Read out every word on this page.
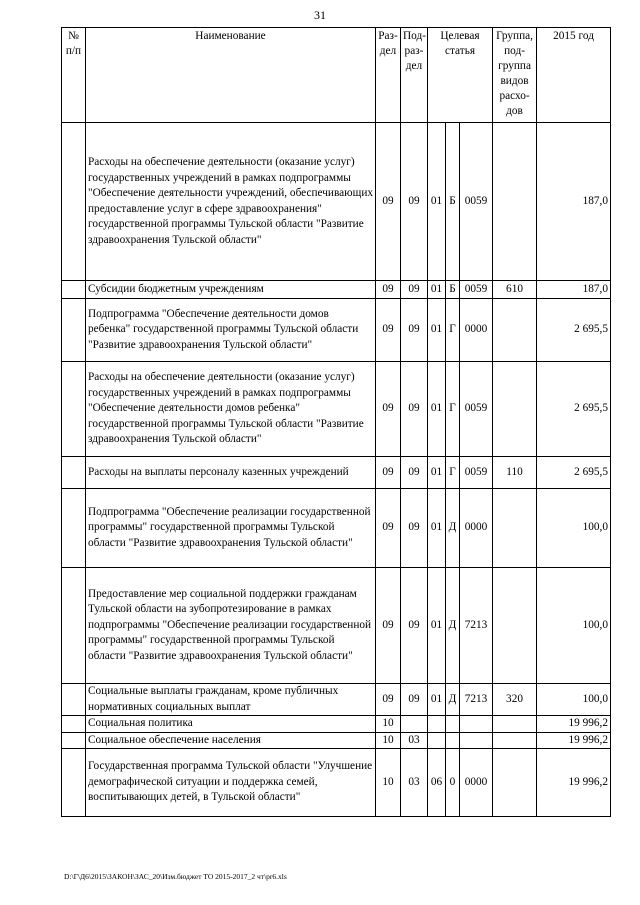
31
№ п/п	Наименование	Раз-дел	Под-раз-дел	Целевая статья			Группа, под-группа видов расхо-дов	2015 год
	Расходы на обеспечение деятельности (оказание услуг) государственных учреждений в рамках подпрограммы "Обеспечение деятельности учреждений, обеспечивающих предоставление услуг в сфере здравоохранения" государственной программы Тульской области "Развитие здравоохранения Тульской области"	09	09	01	Б	0059		187,0
	Субсидии бюджетным учреждениям	09	09	01	Б	0059	610	187,0
	Подпрограмма "Обеспечение деятельности домов ребенка" государственной программы Тульской области "Развитие здравоохранения Тульской области"	09	09	01	Г	0000		2 695,5
	Расходы на обеспечение деятельности (оказание услуг) государственных учреждений в рамках подпрограммы "Обеспечение деятельности домов ребенка" государственной программы Тульской области "Развитие здравоохранения Тульской области"	09	09	01	Г	0059		2 695,5
	Расходы на выплаты персоналу казенных учреждений	09	09	01	Г	0059	110	2 695,5
	Подпрограмма "Обеспечение реализации государственной программы" государственной программы Тульской области "Развитие здравоохранения Тульской области"	09	09	01	Д	0000		100,0
	Предоставление мер социальной поддержки гражданам Тульской области на зубопротезирование в рамках подпрограммы "Обеспечение реализации государственной программы" государственной программы Тульской области "Развитие здравоохранения Тульской области"	09	09	01	Д	7213		100,0
	Социальные выплаты гражданам, кроме публичных нормативных социальных выплат	09	09	01	Д	7213	320	100,0
	Социальная политика	10						19 996,2
	Социальное обеспечение населения	10	03					19 996,2
	Государственная программа Тульской области "Улучшение демографической ситуации и поддержка семей, воспитывающих детей, в Тульской области"	10	03	06	0	0000		19 996,2
D:\Г\Д6\2015\ЗАКОН\ЗАС_20\Изм.бюджет ТО 2015-2017_2 чт\pr6.xls
